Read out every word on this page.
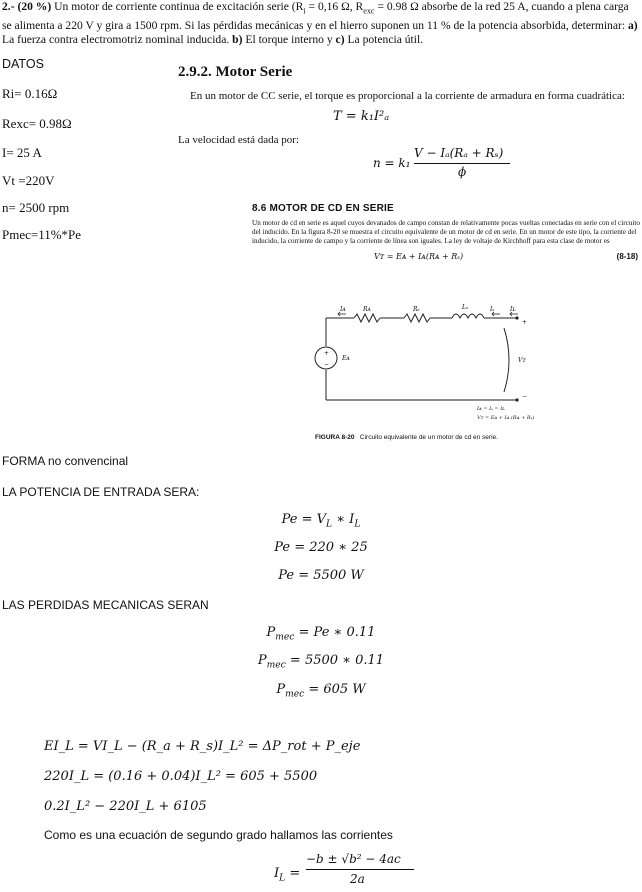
2.- (20 %) Un motor de corriente continua de excitación serie ($R_i = 0,16$ Ω, $R_{exc} = 0.98$ Ω absorbe de la red 25 A, cuando a plena carga se alimenta a 220 V y gira a 1500 rpm. Si las pérdidas mecánicas y en el hierro suponen un 11 % de la potencia absorbida, determinar: a) La fuerza contra electromotriz nominal inducida. b) El torque interno y c) La potencia útil.
DATOS
Ri= 0.16Ω
Rexc= 0.98Ω
I= 25 A
Vt =220V
n= 2500 rpm
Pmec=11%*Pe
2.9.2. Motor Serie
En un motor de CC serie, el torque es proporcional a la corriente de armadura en forma cuadrática:
T = k₁I²ₐ
La velocidad está dada por:
n = k₁
V − Iₐ(Rₐ + Rₛ)
ϕ
8.6 MOTOR DE CD EN SERIE
Un motor de cd en serie es aquel cuyos devanados de campo constan de relativamente pocas vueltas conectadas en serie con el circuito del inducido. En la figura 8-20 se muestra el circuito equivalente de un motor de cd en serie. En un motor de este tipo, la corriente del inducido, la corriente de campo y la corriente de línea son iguales. La ley de voltaje de Kirchhoff para esta clase de motor es
Vᴛ = Eᴀ + Iᴀ(Rᴀ + Rₛ)	(8-18)
Iᴀ	Rᴀ	Rₛ	Lₛ	Iₛ	Iʟ
Eᴀ	Vᴛ
+
−
+
−
Iᴀ = Iₛ = Iʟ
Vᴛ = Eᴀ + Iᴀ (Rᴀ + Rₛ)
FIGURA 8-20 Circuito equivalente de un motor de cd en serie.
FORMA no convencinal
LA POTENCIA DE ENTRADA SERA:
$Pe = V_L$ ∗ $I_L$
Pe = 220 ∗ 25
Pe = 5500 W
LAS PERDIDAS MECANICAS SERAN
$P_{mec} = Pe$ ∗ 0.11
$P_{mec} = 5500$ ∗ 0.11
$P_{mec} = 605$ W
EI_L = VI_L − (R_a + R_s)I_L² = ΔP_rot + P_eje
220I_L = (0.16 + 0.04)I_L² = 605 + 5500
0.2I_L² − 220I_L + 6105
Como es una ecuación de segundo grado hallamos las corrientes
$I_L$ =
−b ± √b² − 4ac
2a
